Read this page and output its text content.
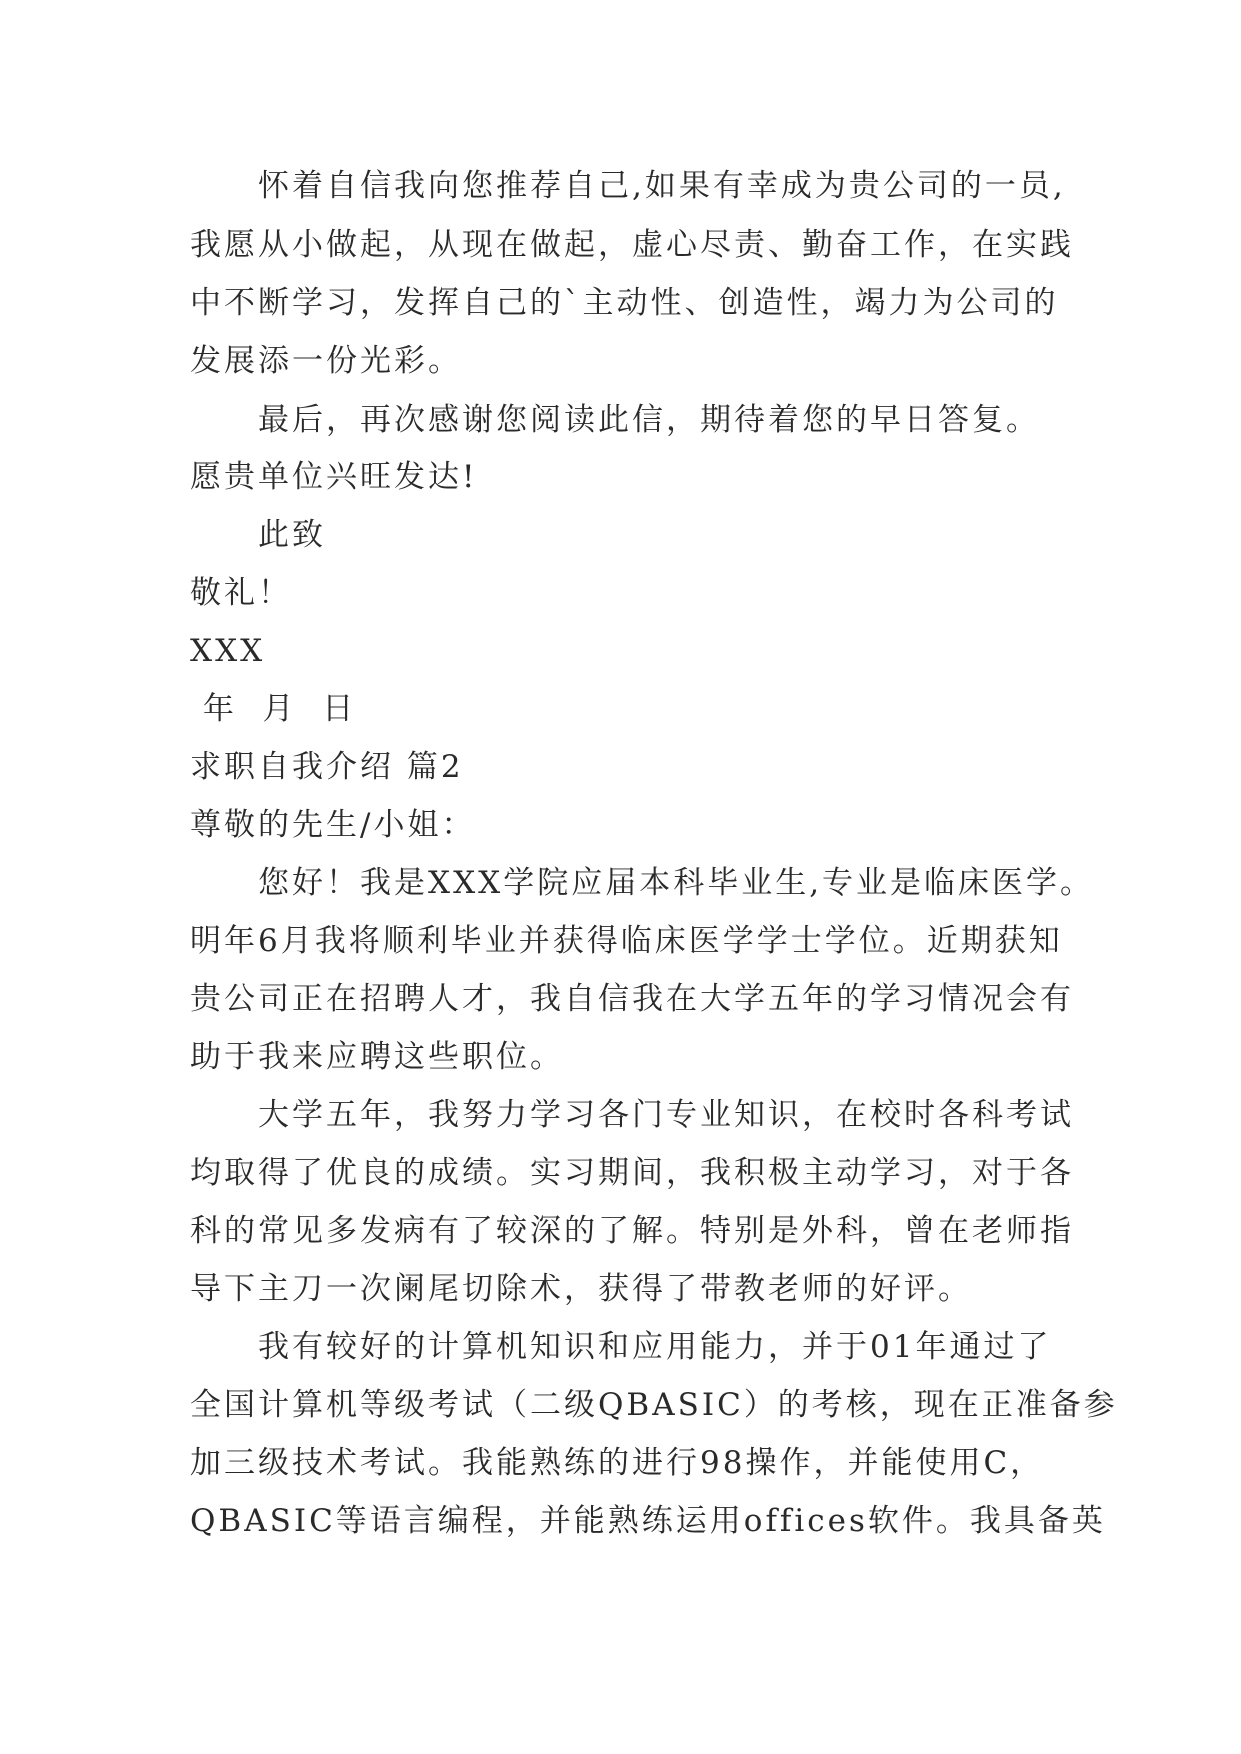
怀着自信我向您推荐自己,如果有幸成为贵公司的一员,
我愿从小做起，从现在做起，虚心尽责、勤奋工作，在实践
中不断学习，发挥自己的`主动性、创造性，竭力为公司的
发展添一份光彩。
最后，再次感谢您阅读此信，期待着您的早日答复。
愿贵单位兴旺发达!
此致
敬礼！
XXX
年  月  日
求职自我介绍 篇2
尊敬的先生/小姐：
您好！我是XXX学院应届本科毕业生,专业是临床医学。
明年6月我将顺利毕业并获得临床医学学士学位。近期获知
贵公司正在招聘人才，我自信我在大学五年的学习情况会有
助于我来应聘这些职位。
大学五年，我努力学习各门专业知识，在校时各科考试
均取得了优良的成绩。实习期间，我积极主动学习，对于各
科的常见多发病有了较深的了解。特别是外科，曾在老师指
导下主刀一次阑尾切除术，获得了带教老师的好评。
我有较好的计算机知识和应用能力，并于01年通过了
全国计算机等级考试（二级QBASIC）的考核，现在正准备参
加三级技术考试。我能熟练的进行98操作，并能使用C，
QBASIC等语言编程，并能熟练运用offices软件。我具备英
